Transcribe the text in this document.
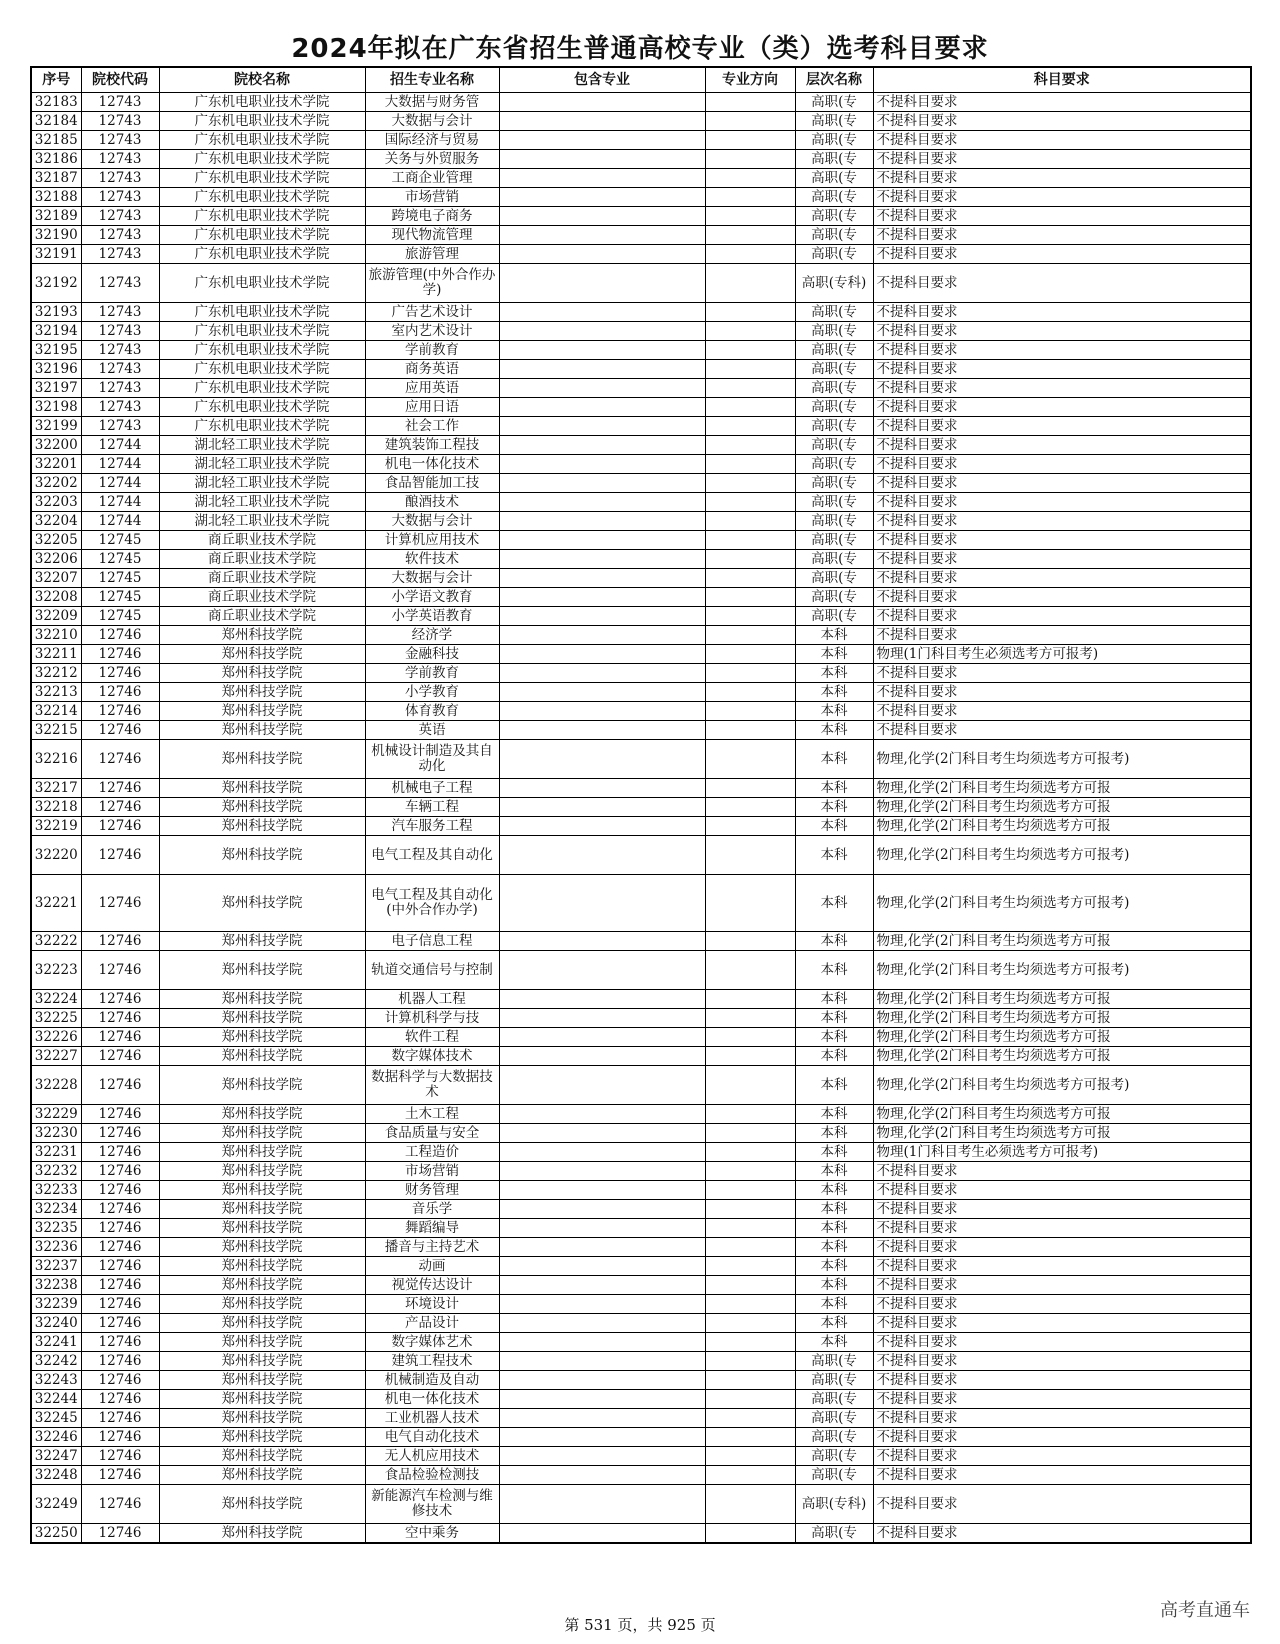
2024年拟在广东省招生普通高校专业（类）选考科目要求
序号	院校代码	院校名称	招生专业名称	包含专业	专业方向	层次名称	科目要求
32183	12743	广东机电职业技术学院	大数据与财务管			高职(专	不提科目要求
32184	12743	广东机电职业技术学院	大数据与会计			高职(专	不提科目要求
32185	12743	广东机电职业技术学院	国际经济与贸易			高职(专	不提科目要求
32186	12743	广东机电职业技术学院	关务与外贸服务			高职(专	不提科目要求
32187	12743	广东机电职业技术学院	工商企业管理			高职(专	不提科目要求
32188	12743	广东机电职业技术学院	市场营销			高职(专	不提科目要求
32189	12743	广东机电职业技术学院	跨境电子商务			高职(专	不提科目要求
32190	12743	广东机电职业技术学院	现代物流管理			高职(专	不提科目要求
32191	12743	广东机电职业技术学院	旅游管理			高职(专	不提科目要求
32192	12743	广东机电职业技术学院	旅游管理(中外合作办学)			高职(专科)	不提科目要求
32193	12743	广东机电职业技术学院	广告艺术设计			高职(专	不提科目要求
32194	12743	广东机电职业技术学院	室内艺术设计			高职(专	不提科目要求
32195	12743	广东机电职业技术学院	学前教育			高职(专	不提科目要求
32196	12743	广东机电职业技术学院	商务英语			高职(专	不提科目要求
32197	12743	广东机电职业技术学院	应用英语			高职(专	不提科目要求
32198	12743	广东机电职业技术学院	应用日语			高职(专	不提科目要求
32199	12743	广东机电职业技术学院	社会工作			高职(专	不提科目要求
32200	12744	湖北轻工职业技术学院	建筑装饰工程技			高职(专	不提科目要求
32201	12744	湖北轻工职业技术学院	机电一体化技术			高职(专	不提科目要求
32202	12744	湖北轻工职业技术学院	食品智能加工技			高职(专	不提科目要求
32203	12744	湖北轻工职业技术学院	酿酒技术			高职(专	不提科目要求
32204	12744	湖北轻工职业技术学院	大数据与会计			高职(专	不提科目要求
32205	12745	商丘职业技术学院	计算机应用技术			高职(专	不提科目要求
32206	12745	商丘职业技术学院	软件技术			高职(专	不提科目要求
32207	12745	商丘职业技术学院	大数据与会计			高职(专	不提科目要求
32208	12745	商丘职业技术学院	小学语文教育			高职(专	不提科目要求
32209	12745	商丘职业技术学院	小学英语教育			高职(专	不提科目要求
32210	12746	郑州科技学院	经济学			本科	不提科目要求
32211	12746	郑州科技学院	金融科技			本科	物理(1门科目考生必须选考方可报考)
32212	12746	郑州科技学院	学前教育			本科	不提科目要求
32213	12746	郑州科技学院	小学教育			本科	不提科目要求
32214	12746	郑州科技学院	体育教育			本科	不提科目要求
32215	12746	郑州科技学院	英语			本科	不提科目要求
32216	12746	郑州科技学院	机械设计制造及其自动化			本科	物理,化学(2门科目考生均须选考方可报考)
32217	12746	郑州科技学院	机械电子工程			本科	物理,化学(2门科目考生均须选考方可报
32218	12746	郑州科技学院	车辆工程			本科	物理,化学(2门科目考生均须选考方可报
32219	12746	郑州科技学院	汽车服务工程			本科	物理,化学(2门科目考生均须选考方可报
32220	12746	郑州科技学院	电气工程及其自动化			本科	物理,化学(2门科目考生均须选考方可报考)
32221	12746	郑州科技学院	电气工程及其自动化(中外合作办学)			本科	物理,化学(2门科目考生均须选考方可报考)
32222	12746	郑州科技学院	电子信息工程			本科	物理,化学(2门科目考生均须选考方可报
32223	12746	郑州科技学院	轨道交通信号与控制			本科	物理,化学(2门科目考生均须选考方可报考)
32224	12746	郑州科技学院	机器人工程			本科	物理,化学(2门科目考生均须选考方可报
32225	12746	郑州科技学院	计算机科学与技			本科	物理,化学(2门科目考生均须选考方可报
32226	12746	郑州科技学院	软件工程			本科	物理,化学(2门科目考生均须选考方可报
32227	12746	郑州科技学院	数字媒体技术			本科	物理,化学(2门科目考生均须选考方可报
32228	12746	郑州科技学院	数据科学与大数据技术			本科	物理,化学(2门科目考生均须选考方可报考)
32229	12746	郑州科技学院	土木工程			本科	物理,化学(2门科目考生均须选考方可报
32230	12746	郑州科技学院	食品质量与安全			本科	物理,化学(2门科目考生均须选考方可报
32231	12746	郑州科技学院	工程造价			本科	物理(1门科目考生必须选考方可报考)
32232	12746	郑州科技学院	市场营销			本科	不提科目要求
32233	12746	郑州科技学院	财务管理			本科	不提科目要求
32234	12746	郑州科技学院	音乐学			本科	不提科目要求
32235	12746	郑州科技学院	舞蹈编导			本科	不提科目要求
32236	12746	郑州科技学院	播音与主持艺术			本科	不提科目要求
32237	12746	郑州科技学院	动画			本科	不提科目要求
32238	12746	郑州科技学院	视觉传达设计			本科	不提科目要求
32239	12746	郑州科技学院	环境设计			本科	不提科目要求
32240	12746	郑州科技学院	产品设计			本科	不提科目要求
32241	12746	郑州科技学院	数字媒体艺术			本科	不提科目要求
32242	12746	郑州科技学院	建筑工程技术			高职(专	不提科目要求
32243	12746	郑州科技学院	机械制造及自动			高职(专	不提科目要求
32244	12746	郑州科技学院	机电一体化技术			高职(专	不提科目要求
32245	12746	郑州科技学院	工业机器人技术			高职(专	不提科目要求
32246	12746	郑州科技学院	电气自动化技术			高职(专	不提科目要求
32247	12746	郑州科技学院	无人机应用技术			高职(专	不提科目要求
32248	12746	郑州科技学院	食品检验检测技			高职(专	不提科目要求
32249	12746	郑州科技学院	新能源汽车检测与维修技术			高职(专科)	不提科目要求
32250	12746	郑州科技学院	空中乘务			高职(专	不提科目要求
第 531 页，共 925 页
高考直通车
